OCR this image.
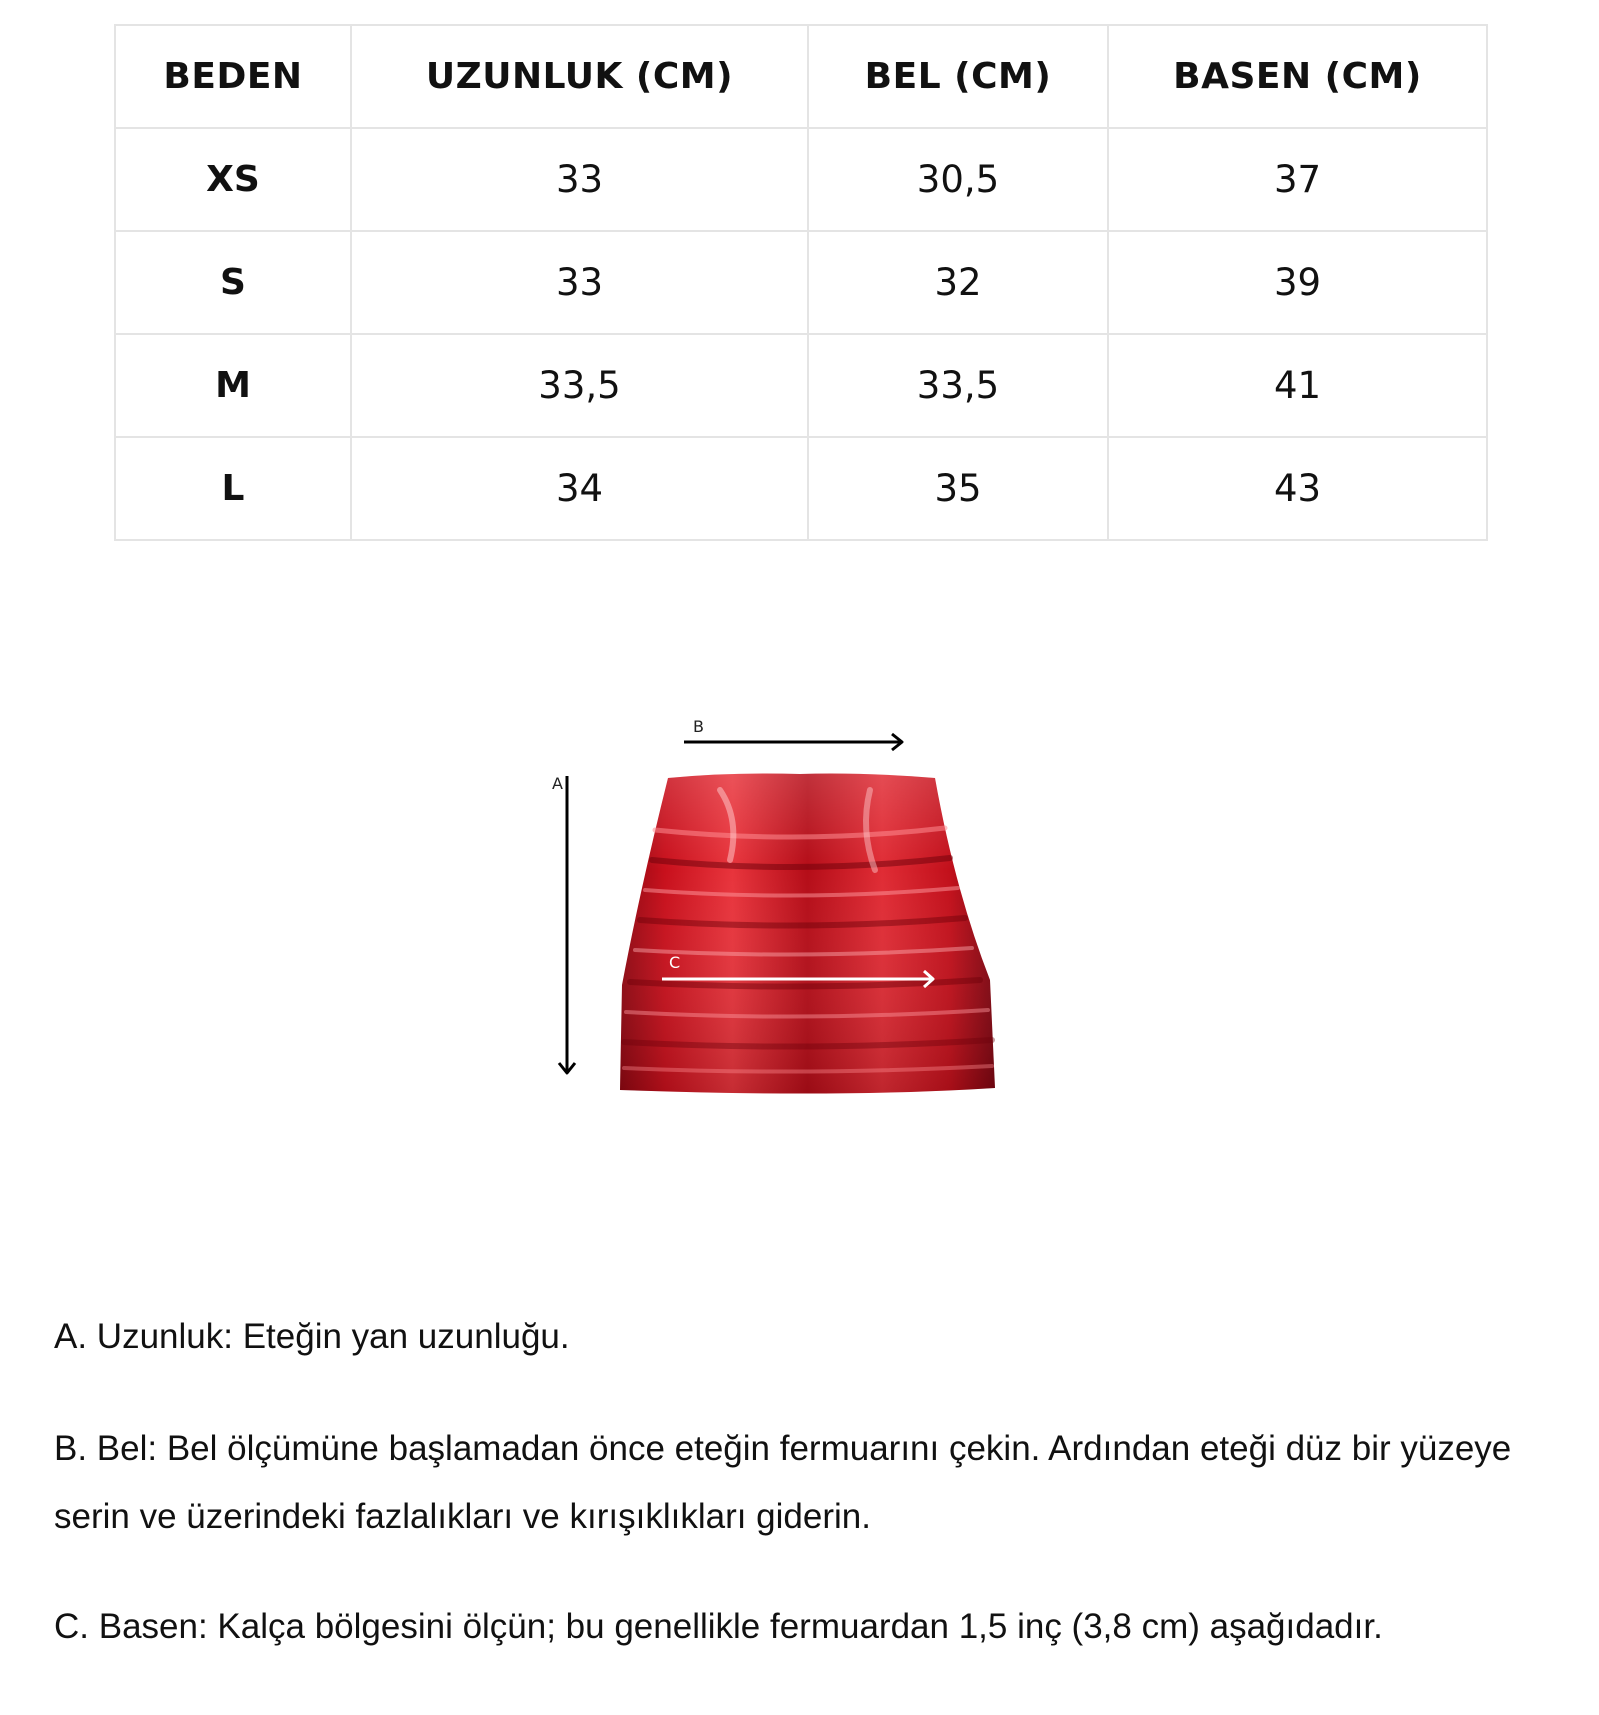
BEDEN	UZUNLUK (CM)	BEL (CM)	BASEN (CM)
XS	33	30,5	37
S	33	32	39
M	33,5	33,5	41
L	34	35	43
A
B
C

A. Uzunluk: Eteğin yan uzunluğu.

B. Bel: Bel ölçümüne başlamadan önce eteğin fermuarını çekin. Ardından eteği düz bir yüzeye serin ve üzerindeki fazlalıkları ve kırışıklıkları giderin.

C. Basen: Kalça bölgesini ölçün; bu genellikle fermuardan 1,5 inç (3,8 cm) aşağıdadır.
